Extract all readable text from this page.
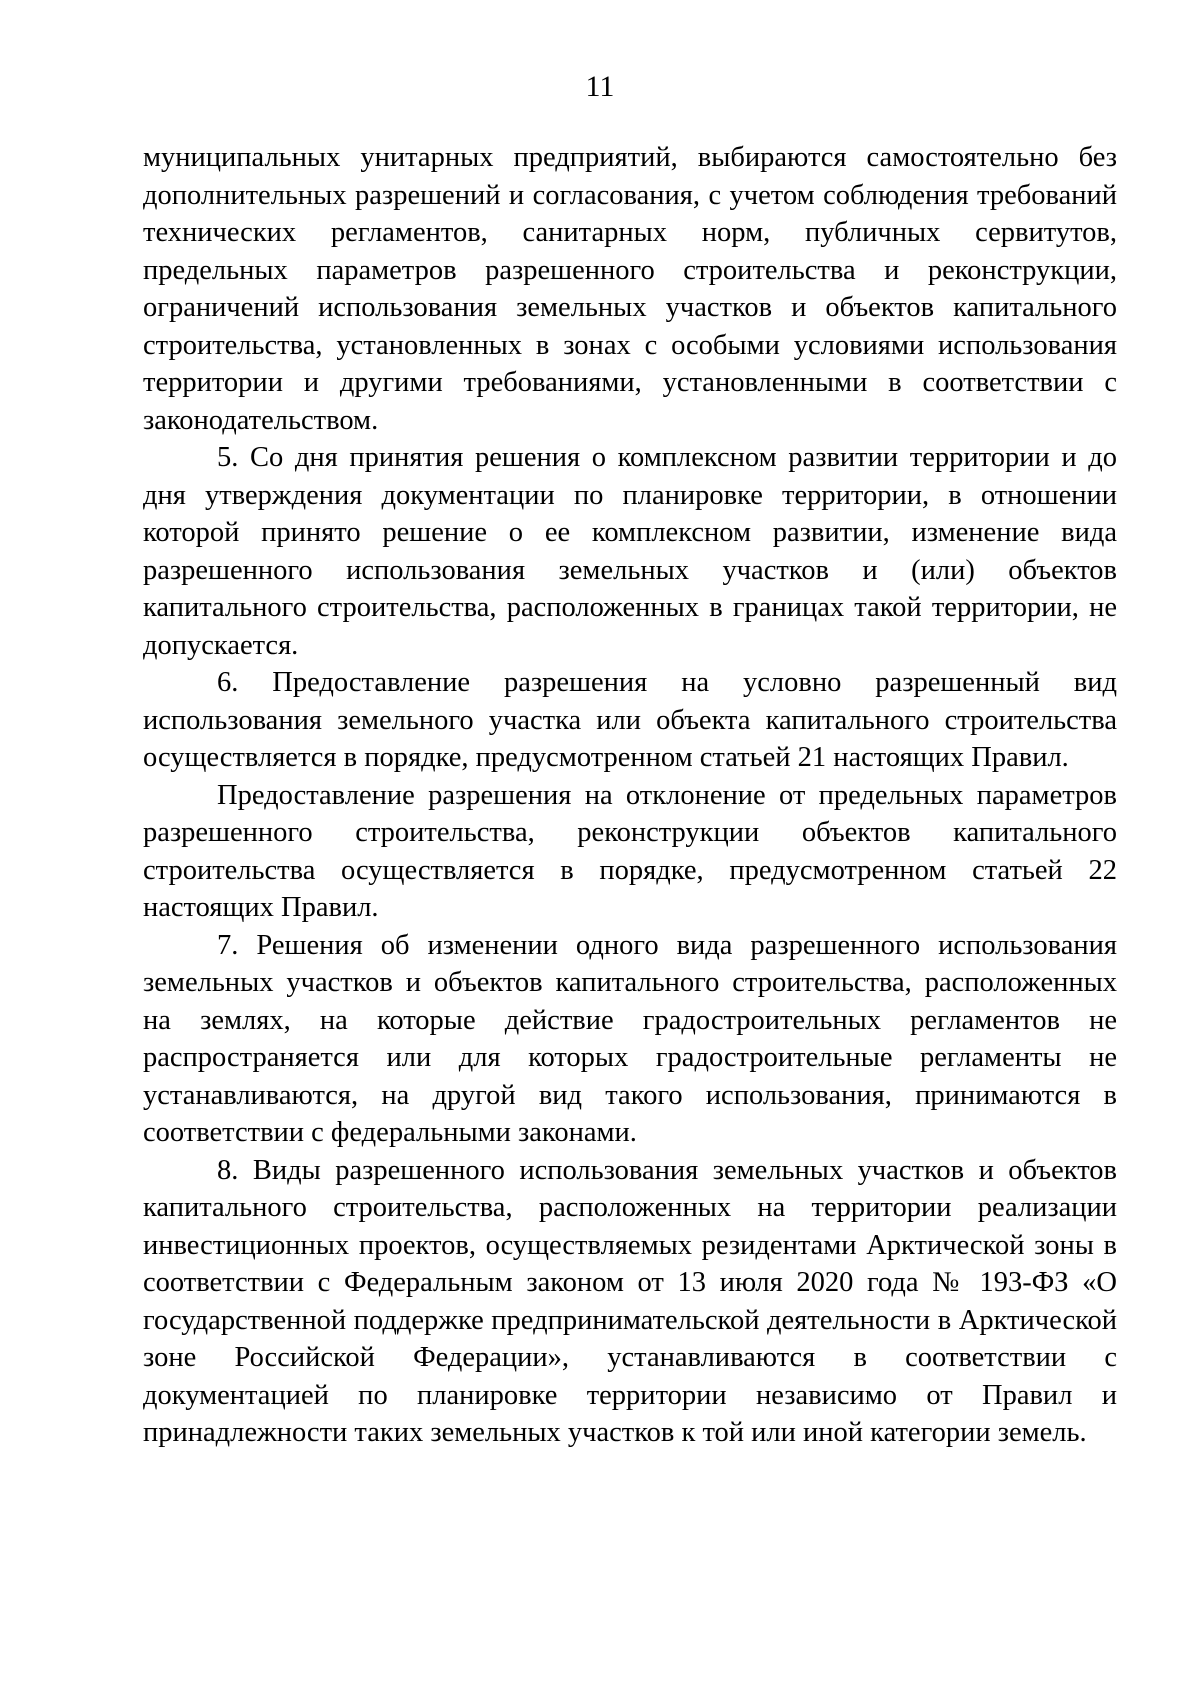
11

муниципальных унитарных предприятий, выбираются самостоятельно без дополнительных разрешений и согласования, с учетом соблюдения требований технических регламентов, санитарных норм, публичных сервитутов, предельных параметров разрешенного строительства и реконструкции, ограничений использования земельных участков и объектов капитального строительства, установленных в зонах с особыми условиями использования территории и другими требованиями, установленными в соответствии с законодательством.

5. Со дня принятия решения о комплексном развитии территории и до дня утверждения документации по планировке территории, в отношении которой принято решение о ее комплексном развитии, изменение вида разрешенного использования земельных участков и (или) объектов капитального строительства, расположенных в границах такой территории, не допускается.

6. Предоставление разрешения на условно разрешенный вид использования земельного участка или объекта капитального строительства осуществляется в порядке, предусмотренном статьей 21 настоящих Правил.

Предоставление разрешения на отклонение от предельных параметров разрешенного строительства, реконструкции объектов капитального строительства осуществляется в порядке, предусмотренном статьей 22 настоящих Правил.

7. Решения об изменении одного вида разрешенного использования земельных участков и объектов капитального строительства, расположенных на землях, на которые действие градостроительных регламентов не распространяется или для которых градостроительные регламенты не устанавливаются, на другой вид такого использования, принимаются в соответствии с федеральными законами.

8. Виды разрешенного использования земельных участков и объектов капитального строительства, расположенных на территории реализации инвестиционных проектов, осуществляемых резидентами Арктической зоны в соответствии с Федеральным законом от 13 июля 2020 года № 193-ФЗ «О государственной поддержке предпринимательской деятельности в Арктической зоне Российской Федерации», устанавливаются в соответствии с документацией по планировке территории независимо от Правил и принадлежности таких земельных участков к той или иной категории земель.
